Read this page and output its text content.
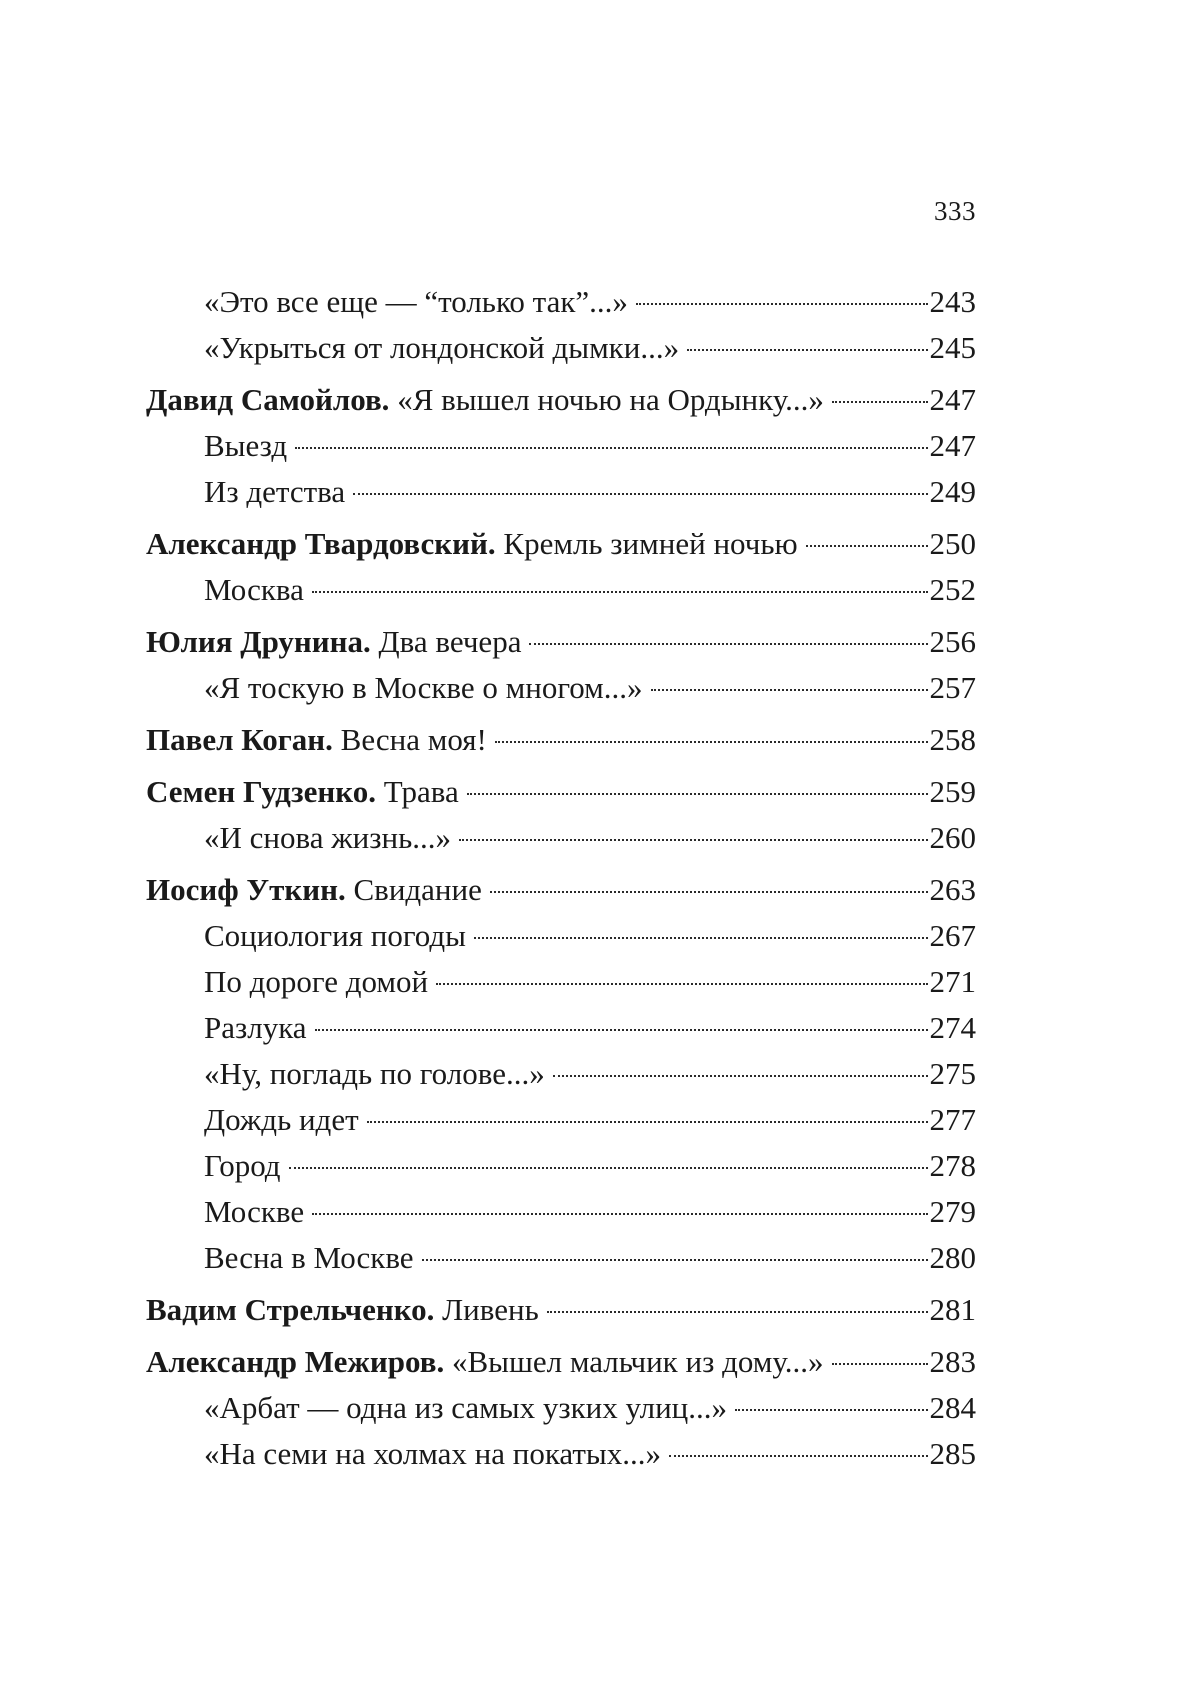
333
«Это все еще — “только так”...»	243
«Укрыться от лондонской дымки...»	245
Давид Самойлов. «Я вышел ночью на Ордынку...»	247
Выезд	247
Из детства	249
Александр Твардовский. Кремль зимней ночью	250
Москва	252
Юлия Друнина. Два вечера	256
«Я тоскую в Москве о многом...»	257
Павел Коган. Весна моя!	258
Семен Гудзенко. Трава	259
«И снова жизнь...»	260
Иосиф Уткин. Свидание	263
Социология погоды	267
По дороге домой	271
Разлука	274
«Ну, погладь по голове...»	275
Дождь идет	277
Город	278
Москве	279
Весна в Москве	280
Вадим Стрельченко. Ливень	281
Александр Межиров. «Вышел мальчик из дому...»	283
«Арбат — одна из самых узких улиц...»	284
«На семи на холмах на покатых...»	285
